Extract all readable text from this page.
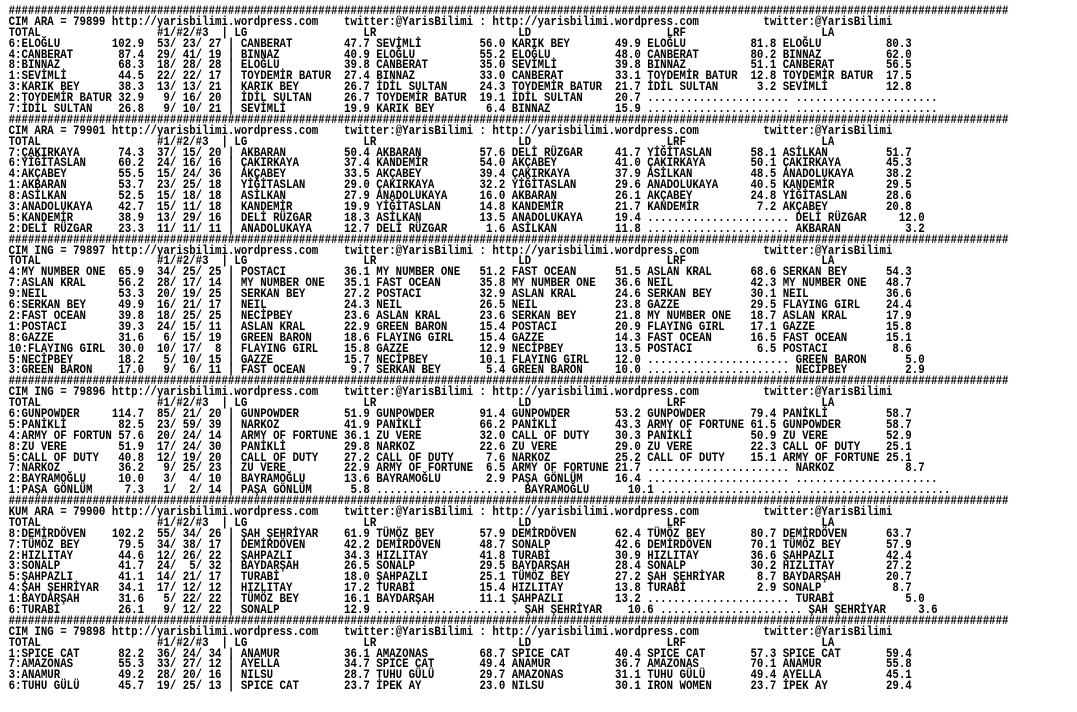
###########################################################################################################################################################
CIM ARA = 79899 http://yarisbilimi.wordpress.com    twitter:@YarisBilimi : http://yarisbilimi.wordpress.com          twitter:@YarisBilimi
TOTAL                  #1/#2/#3  | LG                  LR                      LD                     LRF                     LA
6:ELOĞLU        102.9  53/ 23/ 27 | CANBERAT        47.7 SEVİMLİ         56.0 KARIK BEY       49.9 ELOĞLU          81.8 ELOĞLU          80.3
4:CANBERAT       87.4  29/ 41/ 19 | BINNAZ          40.9 ELOĞLU          55.2 ELOĞLU          48.0 CANBERAT        80.2 BINNAZ          62.0
8:BINNAZ         68.3  18/ 28/ 28 | ELOĞLU          39.8 CANBERAT        35.0 SEVİMLİ         39.8 BINNAZ          51.1 CANBERAT        56.5
1:SEVİMLİ        44.5  22/ 22/ 17 | TOYDEMİR BATUR  27.4 BINNAZ          33.0 CANBERAT        33.1 TOYDEMİR BATUR  12.8 TOYDEMİR BATUR  17.5
3:KARIK BEY      38.3  13/ 13/ 21 | KARIK BEY       26.7 İDİL SULTAN     24.3 TOYDEMİR BATUR  21.7 İDİL SULTAN      3.2 SEVİMLİ         12.8
2:TOYDEMİR BATUR 32.9   9/ 16/ 20 | İDİL SULTAN     26.7 TOYDEMİR BATUR  19.1 İDİL SULTAN     20.7 ...................... ......................
7:İDİL SULTAN    26.8   9/ 10/ 21 | SEVİMLİ         19.9 KARIK BEY        6.4 BINNAZ          15.9 ...................... ......................
###########################################################################################################################################################
CIM ARA = 79901 http://yarisbilimi.wordpress.com    twitter:@YarisBilimi : http://yarisbilimi.wordpress.com          twitter:@YarisBilimi
TOTAL                  #1/#2/#3  | LG                  LR                      LD                     LRF                     LA
7:ÇAKIRKAYA      74.3  37/ 15/ 20 | AKBARAN         50.4 AKBARAN         57.6 DELİ RÜZGAR     41.7 YİĞİTASLAN      58.1 ASİLKAN         51.7
6:YİĞİTASLAN     60.2  24/ 16/ 16 | ÇAKIRKAYA       37.4 KANDEMİR        54.0 AKÇABEY         41.0 ÇAKIRKAYA       50.1 ÇAKIRKAYA       45.3
4:AKÇABEY        55.5  15/ 24/ 36 | AKÇABEY         33.5 AKÇABEY         39.4 ÇAKIRKAYA       37.9 ASİLKAN         48.5 ANADOLUKAYA     38.2
1:AKBARAN        53.7  23/ 25/ 18 | YİĞİTASLAN      29.0 ÇAKIRKAYA       32.2 YİĞİTASLAN      29.6 ANADOLUKAYA     40.5 KANDEMİR        29.5
8:ASİLKAN        52.5  15/ 18/ 18 | ASİLKAN         27.9 ANADOLUKAYA     16.0 AKBARAN         26.1 AKÇABEY         24.8 YİĞİTASLAN      28.6
3:ANADOLUKAYA    42.7  15/ 11/ 18 | KANDEMİR        19.9 YİĞİTASLAN      14.8 KANDEMİR        21.7 KANDEMİR         7.2 AKÇABEY         20.8
5:KANDEMİR       38.9  13/ 29/ 16 | DELİ RÜZGAR     18.3 ASİLKAN         13.5 ANADOLUKAYA     19.4 ...................... DELİ RÜZGAR     12.0
2:DELİ RÜZGAR    23.3  11/ 11/ 11 | ANADOLUKAYA     12.7 DELİ RÜZGAR      1.6 ASİLKAN         11.8 ...................... AKBARAN          3.2
###########################################################################################################################################################
CIM ING = 79897 http://yarisbilimi.wordpress.com    twitter:@YarisBilimi : http://yarisbilimi.wordpress.com          twitter:@YarisBilimi
TOTAL                  #1/#2/#3  | LG                  LR                      LD                     LRF                     LA
4:MY NUMBER ONE  65.9  34/ 25/ 25 | POSTACI         36.1 MY NUMBER ONE   51.2 FAST OCEAN      51.5 ASLAN KRAL      68.6 SERKAN BEY      54.3
7:ASLAN KRAL     56.2  28/ 17/ 14 | MY NUMBER ONE   35.1 FAST OCEAN      35.8 MY NUMBER ONE   36.6 NEIL            42.3 MY NUMBER ONE   48.7
9:NEIL           53.3  20/ 19/ 25 | SERKAN BEY      27.2 POSTACI         32.9 ASLAN KRAL      24.6 SERKAN BEY      30.1 NEIL            36.6
6:SERKAN BEY     49.9  16/ 21/ 17 | NEIL            24.3 NEIL            26.5 NEIL            23.8 GAZZE           29.5 FLAYING GIRL    24.4
2:FAST OCEAN     39.8  18/ 25/ 25 | NECİPBEY        23.6 ASLAN KRAL      23.6 SERKAN BEY      21.8 MY NUMBER ONE   18.7 ASLAN KRAL      17.9
1:POSTACI        39.3  24/ 15/ 11 | ASLAN KRAL      22.9 GREEN BARON     15.4 POSTACI         20.9 FLAYING GIRL    17.1 GAZZE           15.8
8:GAZZE          31.6   6/ 15/ 19 | GREEN BARON     18.6 FLAYING GIRL    15.4 GAZZE           14.3 FAST OCEAN      16.5 FAST OCEAN      15.1
10:FLAYING GIRL  30.0  10/ 17/  8 | FLAYING GIRL    15.8 GAZZE           12.9 NECİPBEY        13.5 POSTACI          6.5 POSTACI          8.6
5:NECİPBEY       18.2   5/ 10/ 15 | GAZZE           15.7 NECİPBEY        10.1 FLAYING GIRL    12.0 ...................... GREEN BARON      5.0
3:GREEN BARON    17.0   9/  6/ 11 | FAST OCEAN       9.7 SERKAN BEY       5.4 GREEN BARON     10.0 ...................... NECİPBEY         2.9
###########################################################################################################################################################
CIM ING = 79896 http://yarisbilimi.wordpress.com    twitter:@YarisBilimi : http://yarisbilimi.wordpress.com          twitter:@YarisBilimi
TOTAL                  #1/#2/#3  | LG                  LR                      LD                     LRF                     LA
6:GUNPOWDER     114.7  85/ 21/ 20 | GUNPOWDER       51.9 GUNPOWDER       91.4 GUNPOWDER       53.2 GUNPOWDER       79.4 PANİKLİ         58.7
5:PANİKLİ        82.5  23/ 59/ 39 | NARKOZ          41.9 PANİKLİ         66.2 PANİKLİ         43.3 ARMY OF FORTUNE 61.5 GUNPOWDER       58.7
4:ARMY OF FORTUN 57.6  20/ 24/ 14 | ARMY OF FORTUNE 36.1 ZU VERE         32.0 CALL OF DUTY    30.3 PANİKLİ         50.9 ZU VERE         52.9
8:ZU VERE        51.9  17/ 24/ 30 | PANİKLİ         29.8 NARKOZ          22.6 ZU VERE         29.0 ZU VERE         22.3 CALL OF DUTY    25.1
5:CALL OF DUTY   40.8  12/ 19/ 20 | CALL OF DUTY    27.2 CALL OF DUTY     7.6 NARKOZ          25.2 CALL OF DUTY    15.1 ARMY OF FORTUNE 25.1
7:NARKOZ         36.2   9/ 25/ 23 | ZU VERE         22.9 ARMY OF FORTUNE  6.5 ARMY OF FORTUNE 21.7 ...................... NARKOZ           8.7
2:BAYRAMOĞLU     10.0   3/  4/ 10 | BAYRAMOĞLU      13.6 BAYRAMOĞLU       2.9 PAŞA GÖNLÜM     16.4 ...................... ......................
1:PAŞA GÖNLÜM     7.3   1/  2/ 14 | PAŞA GÖNLÜM      5.8 ...................... BAYRAMOĞLU      10.1 ...................... ......................
###########################################################################################################################################################
KUM ARA = 79900 http://yarisbilimi.wordpress.com    twitter:@YarisBilimi : http://yarisbilimi.wordpress.com          twitter:@YarisBilimi
TOTAL                  #1/#2/#3  | LG                  LR                      LD                     LRF                     LA
8:DEMİRDÖVEN    102.2  55/ 34/ 26 | ŞAH ŞEHRİYAR    61.9 TÜMÖZ BEY       57.9 DEMİRDÖVEN      62.4 TÜMÖZ BEY       80.7 DEMİRDÖVEN      63.7
7:TÜMÖZ BEY      79.5  34/ 38/ 17 | DEMİRDÖVEN      42.2 DEMİRDÖVEN      48.7 SONALP          42.6 DEMİRDÖVEN      70.1 TÜMÖZ BEY       57.9
2:HIZLITAY       44.6  12/ 26/ 22 | ŞAHPAZLI        34.3 HIZLITAY        41.8 TURABİ          30.9 HIZLITAY        36.6 ŞAHPAZLI        42.4
3:SONALP         41.7  24/  5/ 32 | BAYDARŞAH       26.5 SONALP          29.5 BAYDARŞAH       28.4 SONALP          30.2 HIZLITAY        27.2
5:ŞAHPAZLI       41.1  14/ 21/ 17 | TURABİ          18.0 ŞAHPAZLI        25.1 TÜMÖZ BEY       27.2 ŞAH ŞEHRİYAR     8.7 BAYDARŞAH       20.7
4:ŞAH ŞEHRİYAR   34.1  17/ 12/ 12 | HIZLITAY        17.2 TURABİ          15.4 HIZLITAY        13.8 TURABİ           2.9 SONALP           8.7
1:BAYDARŞAH      31.6   5/ 22/ 22 | TÜMÖZ BEY       16.1 BAYDARŞAH       11.1 ŞAHPAZLI        13.2 ...................... TURABİ           5.0
6:TURABİ         26.1   9/ 12/ 22 | SONALP          12.9 ...................... ŞAH ŞEHRİYAR    10.6 ...................... ŞAH ŞEHRİYAR     3.6
###########################################################################################################################################################
CIM ING = 79898 http://yarisbilimi.wordpress.com    twitter:@YarisBilimi : http://yarisbilimi.wordpress.com          twitter:@YarisBilimi
TOTAL                  #1/#2/#3  | LG                  LR                      LD                     LRF                     LA
1:SPICE CAT      82.2  36/ 24/ 34 | ANAMUR          36.1 AMAZONAS        68.7 SPICE CAT       40.4 SPICE CAT       57.3 SPICE CAT       59.4
7:AMAZONAS       55.3  33/ 27/ 12 | AYELLA          34.7 SPICE CAT       49.4 ANAMUR          36.7 AMAZONAS        70.1 ANAMUR          55.8
3:ANAMUR         49.2  28/ 20/ 16 | NILSU           28.7 TUHU GÜLÜ       29.7 AMAZONAS        31.1 TUHU GÜLÜ       49.4 AYELLA          45.1
6:TUHU GÜLÜ      45.7  19/ 25/ 13 | SPICE CAT       23.7 İPEK AY         23.0 NILSU           30.1 IRON WOMEN      23.7 İPEK AY         29.4
